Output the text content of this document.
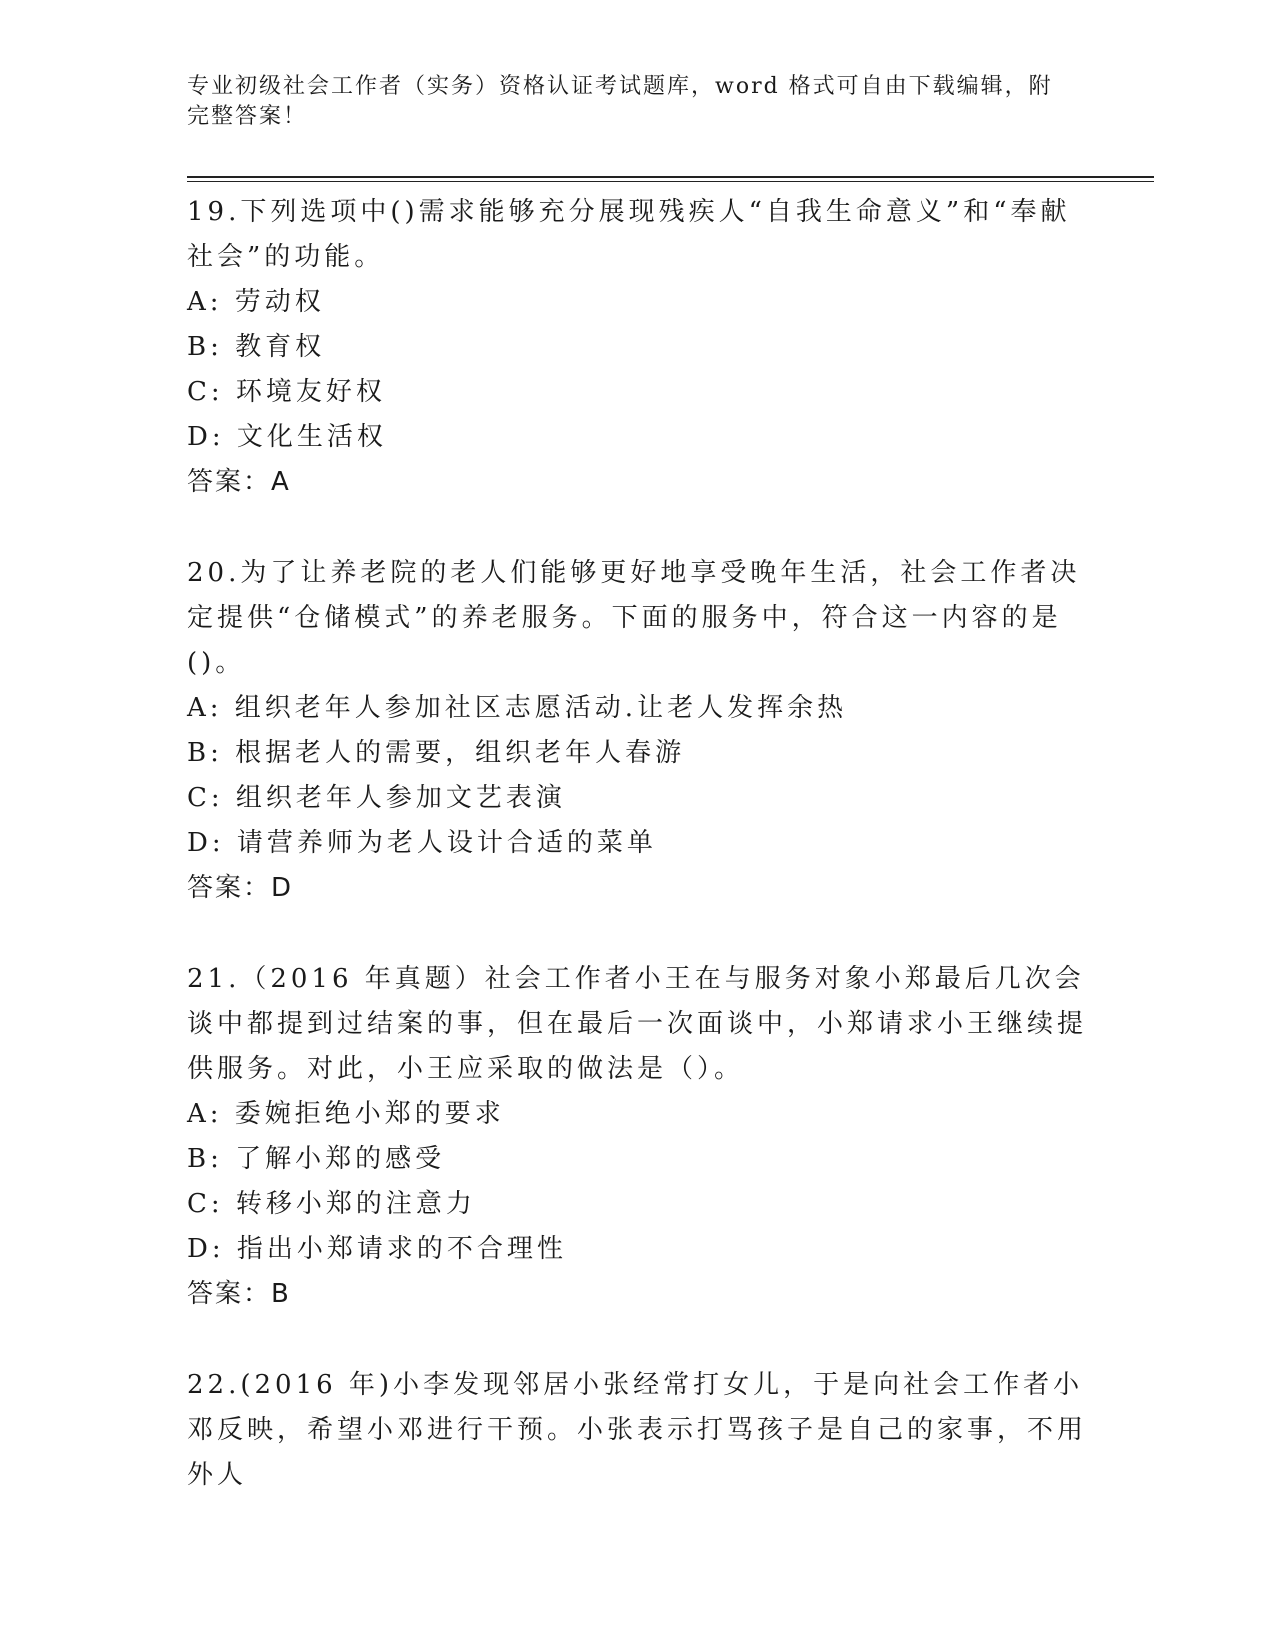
专业初级社会工作者（实务）资格认证考试题库，word 格式可自由下载编辑，附完整答案！

19.下列选项中()需求能够充分展现残疾人“自我生命意义”和“奉献社会”的功能。

A: 劳动权

B: 教育权

C: 环境友好权

D: 文化生活权

答案：A

20.为了让养老院的老人们能够更好地享受晚年生活，社会工作者决定提供“仓储模式”的养老服务。下面的服务中，符合这一内容的是()。

A: 组织老年人参加社区志愿活动.让老人发挥余热

B: 根据老人的需要，组织老年人春游

C: 组织老年人参加文艺表演

D: 请营养师为老人设计合适的菜单

答案：D

21.（2016 年真题）社会工作者小王在与服务对象小郑最后几次会谈中都提到过结案的事，但在最后一次面谈中，小郑请求小王继续提供服务。对此，小王应采取的做法是（）。

A: 委婉拒绝小郑的要求

B: 了解小郑的感受

C: 转移小郑的注意力

D: 指出小郑请求的不合理性

答案：B

22.(2016 年)小李发现邻居小张经常打女儿，于是向社会工作者小邓反映，希望小邓进行干预。小张表示打骂孩子是自己的家事，不用外人
